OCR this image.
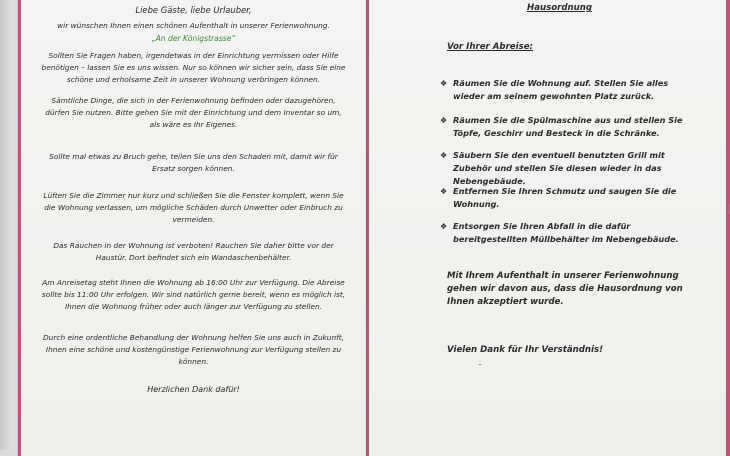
Liebe Gäste, liebe Urlauber,

wir wünschen Ihnen einen schönen Aufenthalt in unserer Ferienwohnung.

„An der Königstrasse“

Sollten Sie Fragen haben, irgendetwas in der Einrichtung vermissen oder Hilfe benötigen – lassen Sie es uns wissen. Nur so können wir sicher sein, dass Sie eine schöne und erholsame Zeit in unserer Wohnung verbringen können.

Sämtliche Dinge, die sich in der Ferienwohnung befinden oder dazugehören, dürfen Sie nutzen. Bitte gehen Sie mit der Einrichtung und dem Inventar so um, als wäre es Ihr Eigenes.

Sollte mal etwas zu Bruch gehe, teilen Sie uns den Schaden mit, damit wir für Ersatz sorgen können.

Lüften Sie die Zimmer nur kurz und schließen Sie die Fenster komplett, wenn Sie die Wohnung verlassen, um mögliche Schäden durch Unwetter oder Einbruch zu vermeiden.

Das Rauchen in der Wohnung ist verboten! Rauchen Sie daher bitte vor der Haustür. Dort befindet sich ein Wandaschenbehälter.

Am Anreisetag steht Ihnen die Wohnung ab 16:00 Uhr zur Verfügung. Die Abreise sollte bis 11:00 Uhr erfolgen. Wir sind natürlich gerne bereit, wenn es möglich ist, Ihnen die Wohnung früher oder auch länger zur Verfügung zu stellen.

Durch eine ordentliche Behandlung der Wohnung helfen Sie uns auch in Zukunft, Ihnen eine schöne und kostengünstige Ferienwohnung zur Verfügung stellen zu können.

Herzlichen Dank dafür!

Hausordnung

Vor Ihrer Abreise:

❖ Räumen Sie die Wohnung auf. Stellen Sie alles wieder am seinem gewohnten Platz zurück.
❖ Räumen Sie die Spülmaschine aus und stellen Sie Töpfe, Geschirr und Besteck in die Schränke.
❖ Säubern Sie den eventuell benutzten Grill mit Zubehör und stellen Sie diesen wieder in das Nebengebäude.
❖ Entfernen Sie Ihren Schmutz und saugen Sie die Wohnung.
❖ Entsorgen Sie Ihren Abfall in die dafür bereitgestellten Müllbehälter im Nebengebäude.

Mit Ihrem Aufenthalt in unserer Ferienwohnung gehen wir davon aus, dass die Hausordnung von Ihnen akzeptiert wurde.

Vielen Dank für Ihr Verständnis!
